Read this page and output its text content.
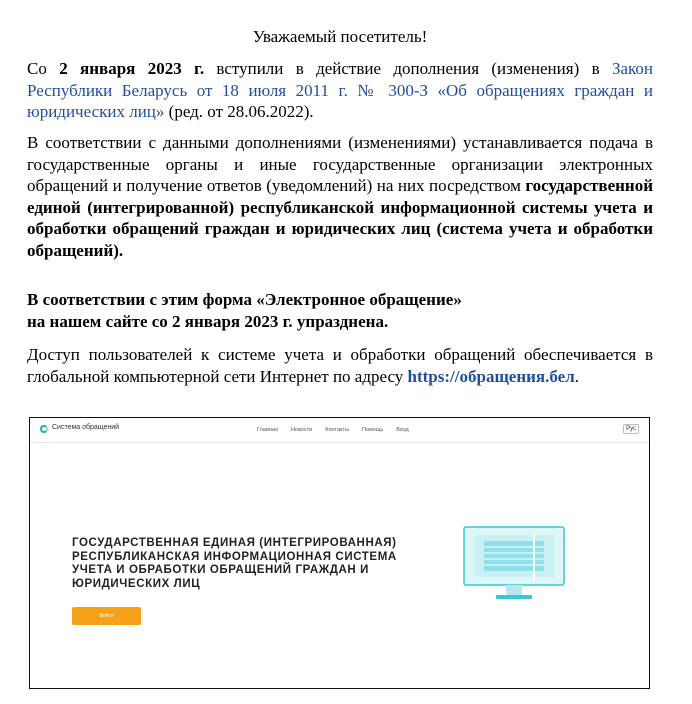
Уважаемый посетитель!

Со 2 января 2023 г. вступили в действие дополнения (изменения) в Закон Республики Беларусь от 18 июля 2011 г. № 300-З «Об обращениях граждан и юридических лиц» (ред. от 28.06.2022).

В соответствии с данными дополнениями (изменениями) устанавливается подача в государственные органы и иные государственные организации электронных обращений и получение ответов (уведомлений) на них посредством государственной единой (интегрированной) республиканской информационной системы учета и обработки обращений граждан и юридических лиц (система учета и обработки обращений).

В соответствии с этим форма «Электронное обращение»
на нашем сайте со 2 января 2023 г. упразднена.

Доступ пользователей к системе учета и обработки обращений обеспечивается в глобальной компьютерной сети Интернет по адресу https://обращения.бел.

Система обращений	Главная Новости Контакты Помощь Вход	Рус
ГОСУДАРСТВЕННАЯ ЕДИНАЯ (ИНТЕГРИРОВАННАЯ)
РЕСПУБЛИКАНСКАЯ ИНФОРМАЦИОННАЯ СИСТЕМА
УЧЕТА И ОБРАБОТКИ ОБРАЩЕНИЙ ГРАЖДАН И
ЮРИДИЧЕСКИХ ЛИЦ
Войти
